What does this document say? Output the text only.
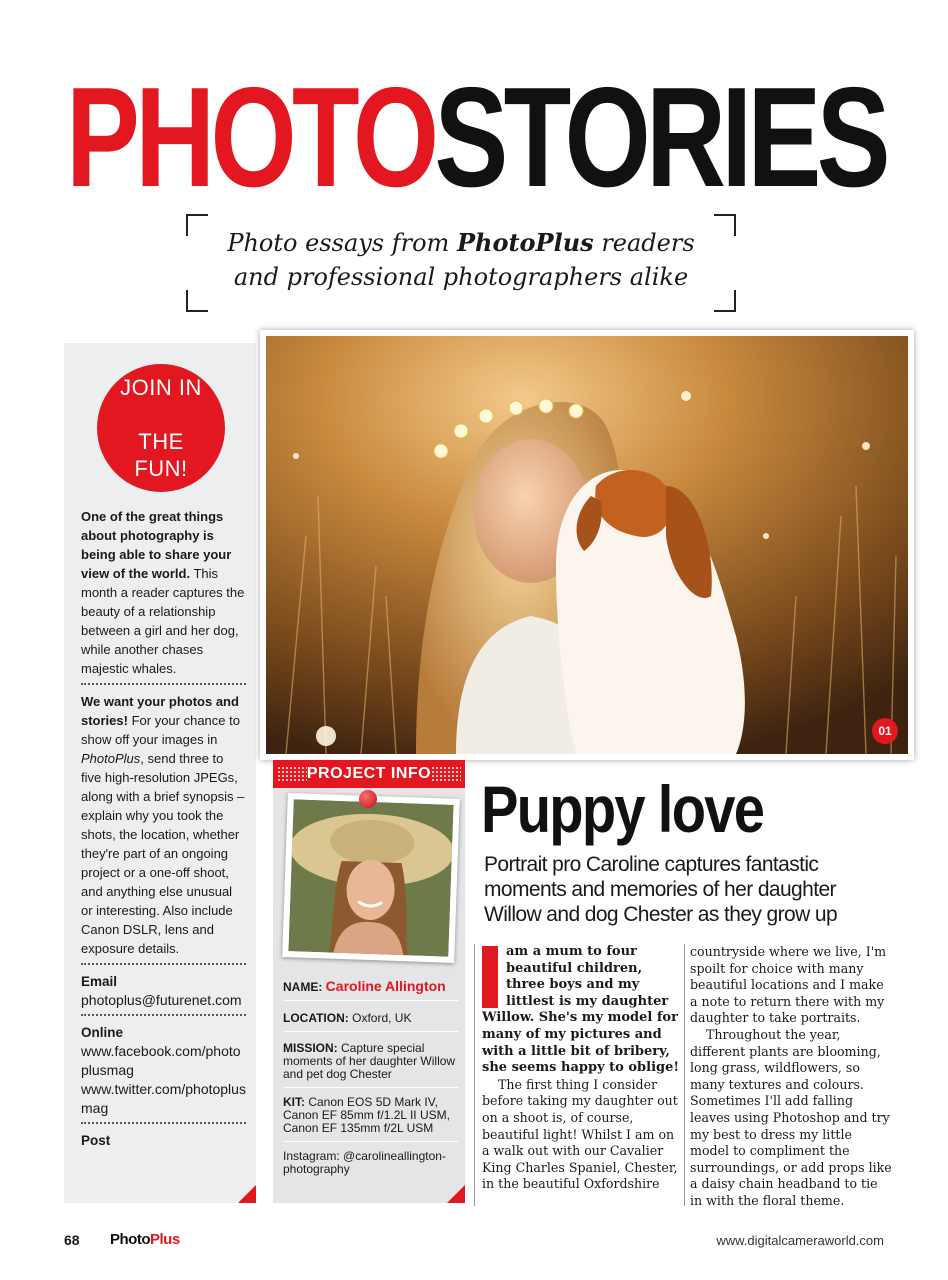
PHOTOSTORIES

Photo essays from PhotoPlus readers
and professional photographers alike

JOIN IN

THE FUN!
One of the great things about photography is being able to share your view of the world. This month a reader captures the beauty of a relationship between a girl and her dog, while another chases majestic whales.
We want your photos and stories! For your chance to show off your images in PhotoPlus, send three to five high-resolution JPEGs, along with a brief synopsis – explain why you took the shots, the location, whether they're part of an ongoing project or a one-off shoot, and anything else unusual or interesting. Also include Canon DSLR, lens and exposure details.
Email
photoplus@futurenet.com
Online
www.facebook.com/photoplusmag
www.twitter.com/photoplusmag
Post
01
PROJECT INFO
NAME: Caroline Allington
LOCATION: Oxford, UK
MISSION: Capture special moments of her daughter Willow and pet dog Chester
KIT: Canon EOS 5D Mark IV, Canon EF 85mm f/1.2L II USM, Canon EF 135mm f/2L USM
Instagram: @carolineallington-photography
Puppy love
Portrait pro Caroline captures fantastic moments and memories of her daughter Willow and dog Chester as they grow up

am a mum to four beautiful children, three boys and my littlest is my daughter Willow. She's my model for many of my pictures and with a little bit of bribery, she seems happy to oblige!

The first thing I consider before taking my daughter out on a shoot is, of course, beautiful light! Whilst I am on a walk out with our Cavalier King Charles Spaniel, Chester, in the beautiful Oxfordshire

countryside where we live, I'm spoilt for choice with many beautiful locations and I make a note to return there with my daughter to take portraits.

Throughout the year, different plants are blooming, long grass, wildflowers, so many textures and colours. Sometimes I'll add falling leaves using Photoshop and try my best to dress my little model to compliment the surroundings, or add props like a daisy chain headband to tie in with the floral theme.

68 PhotoPlus	www.digitalcameraworld.com
